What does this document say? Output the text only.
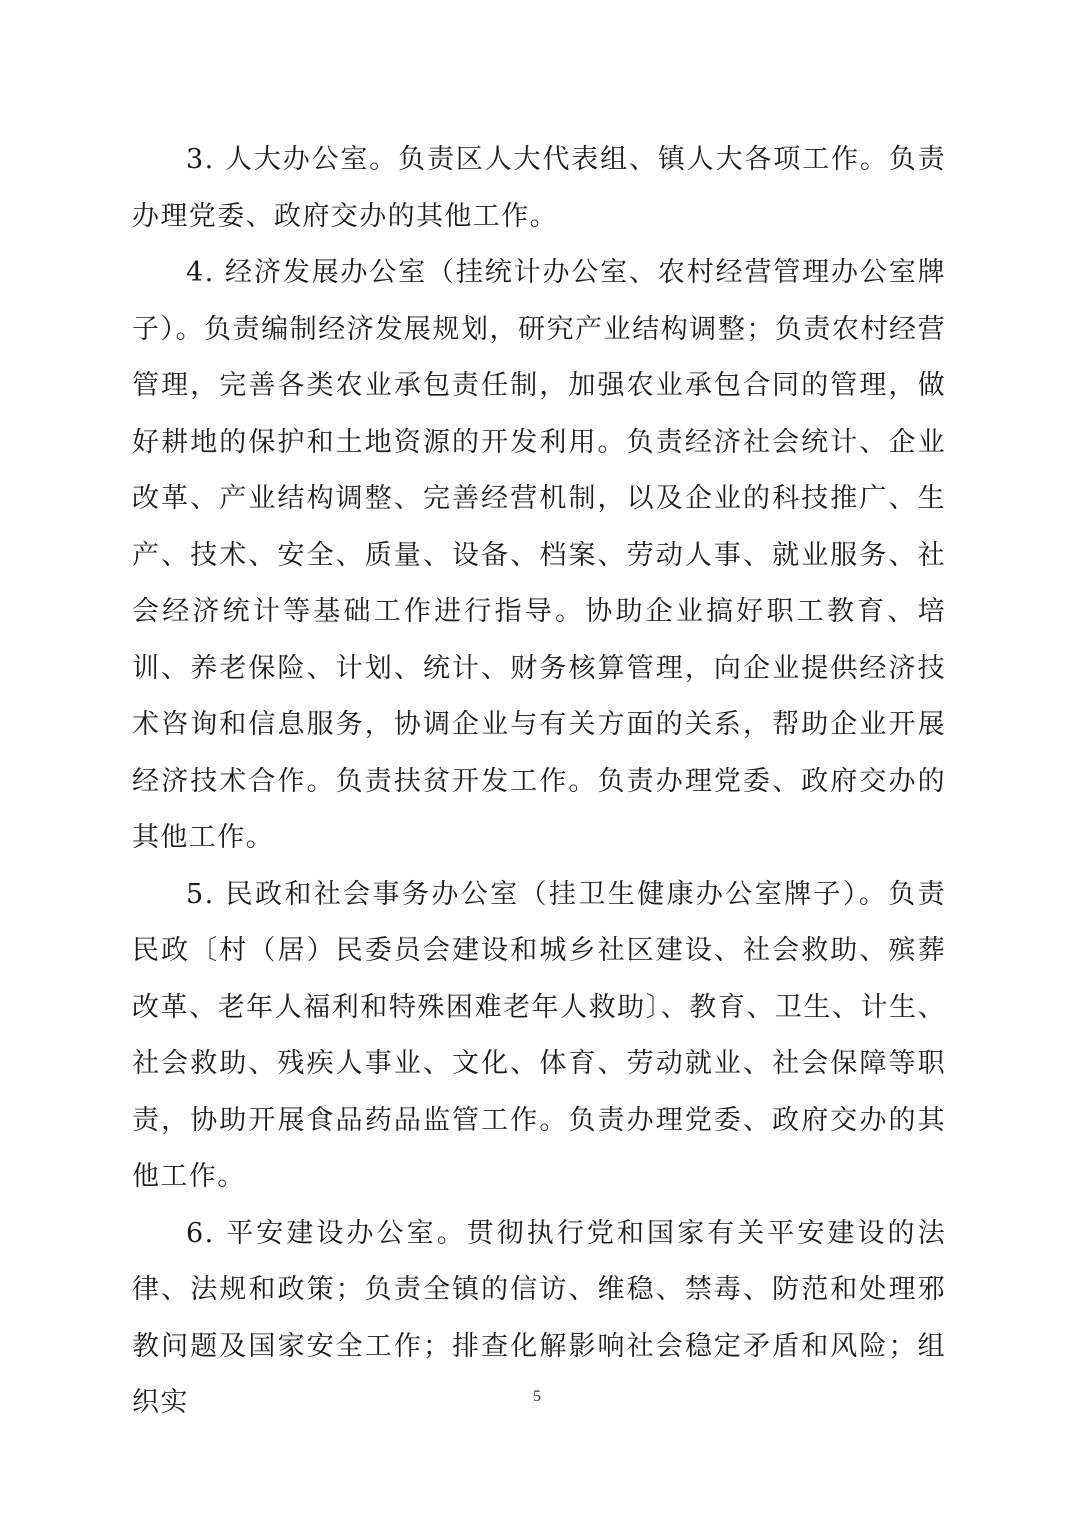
3. 人大办公室。负责区人大代表组、镇人大各项工作。负责办理党委、政府交办的其他工作。

4. 经济发展办公室（挂统计办公室、农村经营管理办公室牌子）。负责编制经济发展规划，研究产业结构调整；负责农村经营管理，完善各类农业承包责任制，加强农业承包合同的管理，做好耕地的保护和土地资源的开发利用。负责经济社会统计、企业改革、产业结构调整、完善经营机制，以及企业的科技推广、生产、技术、安全、质量、设备、档案、劳动人事、就业服务、社会经济统计等基础工作进行指导。协助企业搞好职工教育、培训、养老保险、计划、统计、财务核算管理，向企业提供经济技术咨询和信息服务，协调企业与有关方面的关系，帮助企业开展经济技术合作。负责扶贫开发工作。负责办理党委、政府交办的其他工作。

5. 民政和社会事务办公室（挂卫生健康办公室牌子）。负责民政〔村（居）民委员会建设和城乡社区建设、社会救助、殡葬改革、老年人福利和特殊困难老年人救助〕、教育、卫生、计生、社会救助、残疾人事业、文化、体育、劳动就业、社会保障等职责，协助开展食品药品监管工作。负责办理党委、政府交办的其他工作。

6. 平安建设办公室。贯彻执行党和国家有关平安建设的法律、法规和政策；负责全镇的信访、维稳、禁毒、防范和处理邪教问题及国家安全工作；排查化解影响社会稳定矛盾和风险；组织实	5
